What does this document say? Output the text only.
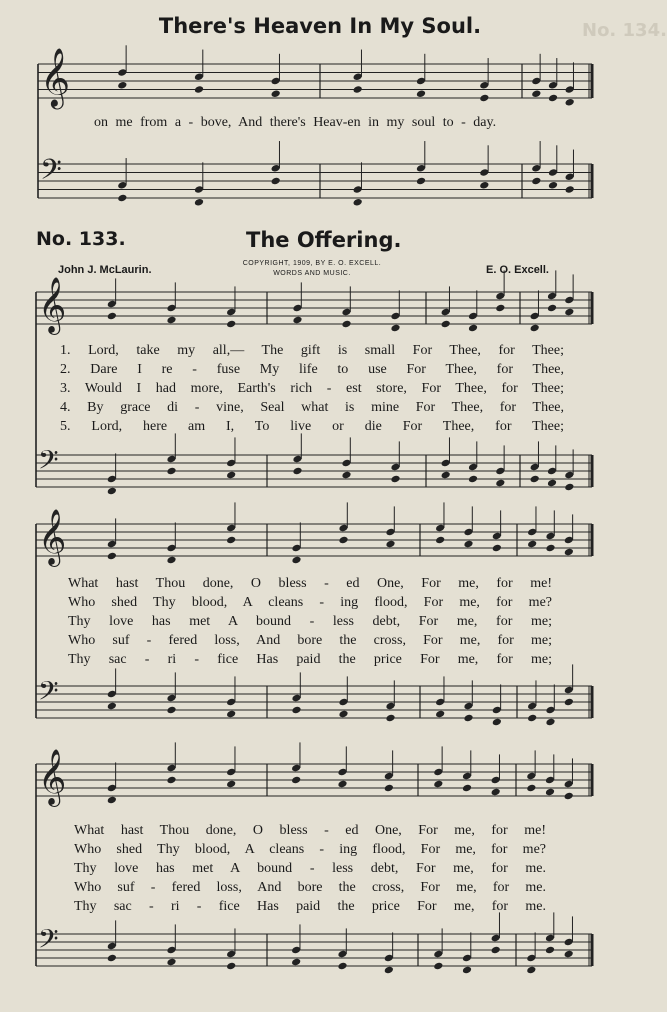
No. 134.
𝄞
𝄢
𝄞
𝄢
𝄞
𝄢
𝄞
𝄢
There's Heaven In My Soul.
on me from a - bove, And there's Heav-en in my soul to - day.
No. 133.	The Offering.
John J. McLaurin.
COPYRIGHT, 1909, BY E. O. EXCELL.
WORDS AND MUSIC.	E. O. Excell.
1. Lord, take my all,— The gift is small For Thee, for Thee;
2. Dare I re - fuse My life to use For Thee, for Thee,
3. Would I had more, Earth's rich - est store, For Thee, for Thee;
4. By grace di - vine, Seal what is mine For Thee, for Thee,
5. Lord, here am I, To live or die For Thee, for Thee;
What hast Thou done, O bless - ed One, For me, for me!
Who shed Thy blood, A cleans - ing flood, For me, for me?
Thy love has met A bound - less debt, For me, for me;
Who suf - fered loss, And bore the cross, For me, for me;
Thy sac - ri - fice Has paid the price For me, for me;
What hast Thou done, O bless - ed One, For me, for me!
Who shed Thy blood, A cleans - ing flood, For me, for me?
Thy love has met A bound - less debt, For me, for me.
Who suf - fered loss, And bore the cross, For me, for me.
Thy sac - ri - fice Has paid the price For me, for me.
